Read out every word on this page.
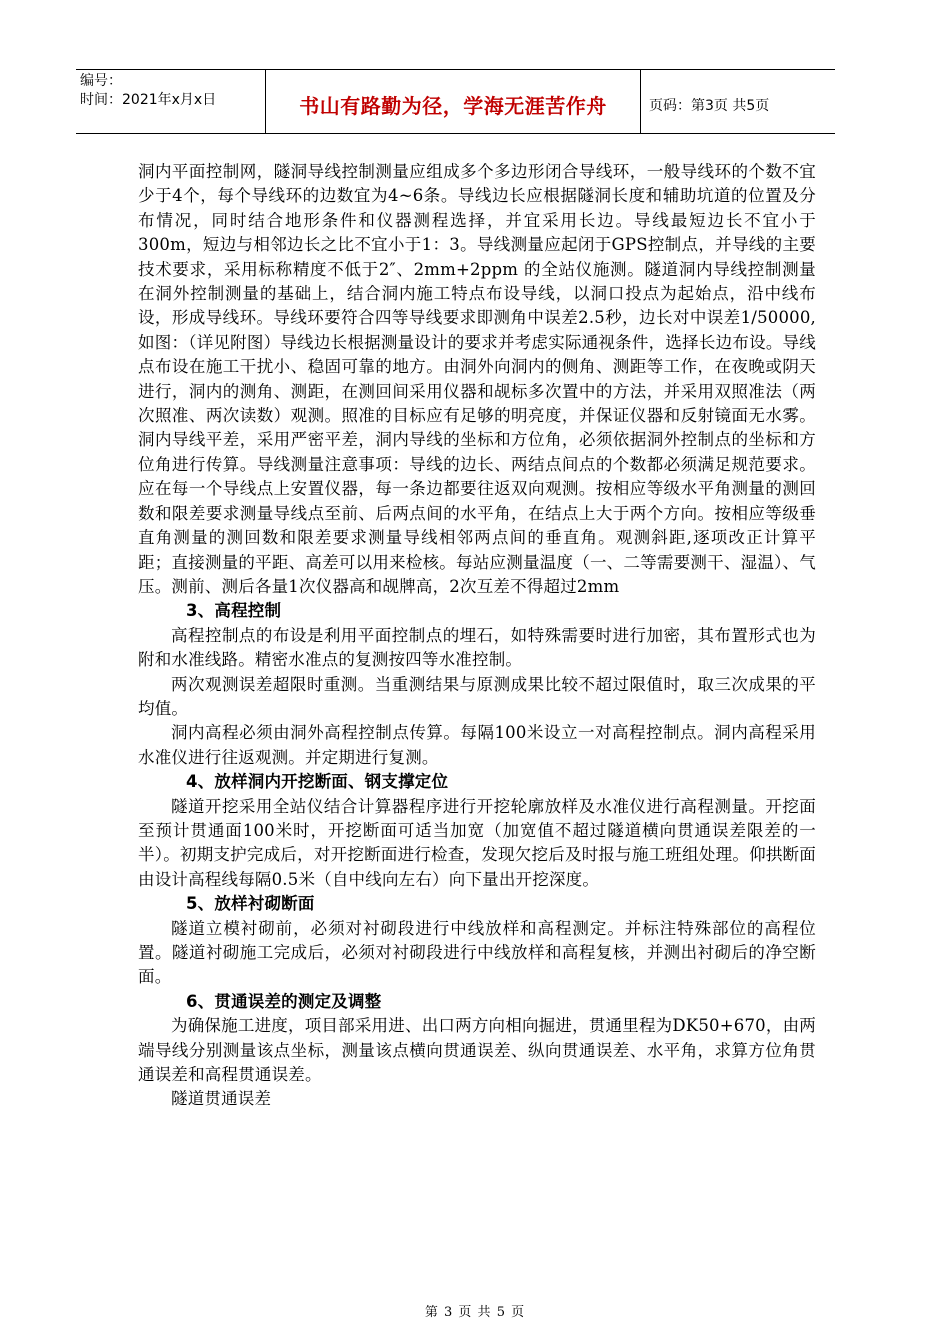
编号：
时间：2021年x月x日	书山有路勤为径，学海无涯苦作舟	页码：第3页 共5页

洞内平面控制网，隧洞导线控制测量应组成多个多边形闭合导线环，一般导线环的个数不宜少于4个，每个导线环的边数宜为4~6条。导线边长应根据隧洞长度和辅助坑道的位置及分布情况，同时结合地形条件和仪器测程选择，并宜采用长边。导线最短边长不宜小于300m，短边与相邻边长之比不宜小于1：3。导线测量应起闭于GPS控制点，并导线的主要技术要求，采用标称精度不低于2″、2mm+2ppm 的全站仪施测。隧道洞内导线控制测量在洞外控制测量的基础上，结合洞内施工特点布设导线，以洞口投点为起始点，沿中线布设，形成导线环。导线环要符合四等导线要求即测角中误差2.5秒，边长对中误差1/50000,如图：（详见附图）导线边长根据测量设计的要求并考虑实际通视条件，选择长边布设。导线点布设在施工干扰小、稳固可靠的地方。由洞外向洞内的侧角、测距等工作，在夜晚或阴天进行，洞内的测角、测距，在测回间采用仪器和觇标多次置中的方法，并采用双照准法（两次照准、两次读数）观测。照准的目标应有足够的明亮度，并保证仪器和反射镜面无水雾。洞内导线平差，采用严密平差，洞内导线的坐标和方位角，必须依据洞外控制点的坐标和方位角进行传算。导线测量注意事项：导线的边长、两结点间点的个数都必须满足规范要求。应在每一个导线点上安置仪器，每一条边都要往返双向观测。按相应等级水平角测量的测回数和限差要求测量导线点至前、后两点间的水平角，在结点上大于两个方向。按相应等级垂直角测量的测回数和限差要求测量导线相邻两点间的垂直角。观测斜距,逐项改正计算平　　　　距；直接测量的平距、高差可以用来检核。每站应测量温度（一、二等需要测干、湿温）、气压。测前、测后各量1次仪器高和觇牌高，2次互差不得超过2mm

3、高程控制

高程控制点的布设是利用平面控制点的埋石，如特殊需要时进行加密，其布置形式也为附和水准线路。精密水准点的复测按四等水准控制。

两次观测误差超限时重测。当重测结果与原测成果比较不超过限值时，取三次成果的平均值。

洞内高程必须由洞外高程控制点传算。每隔100米设立一对高程控制点。洞内高程采用水准仪进行往返观测。并定期进行复测。

4、放样洞内开挖断面、钢支撑定位

隧道开挖采用全站仪结合计算器程序进行开挖轮廓放样及水准仪进行高程测量。开挖面至预计贯通面100米时，开挖断面可适当加宽（加宽值不超过隧道横向贯通误差限差的一半）。初期支护完成后，对开挖断面进行检查，发现欠挖后及时报与施工班组处理。仰拱断面由设计高程线每隔0.5米（自中线向左右）向下量出开挖深度。

5、放样衬砌断面

隧道立模衬砌前，必须对衬砌段进行中线放样和高程测定。并标注特殊部位的高程位置。隧道衬砌施工完成后，必须对衬砌段进行中线放样和高程复核，并测出衬砌后的净空断面。

6、贯通误差的测定及调整

为确保施工进度，项目部采用进、出口两方向相向掘进，贯通里程为DK50+670，由两端导线分别测量该点坐标，测量该点横向贯通误差、纵向贯通误差、水平角，求算方位角贯通误差和高程贯通误差。

隧道贯通误差

第 3 页 共 5 页
